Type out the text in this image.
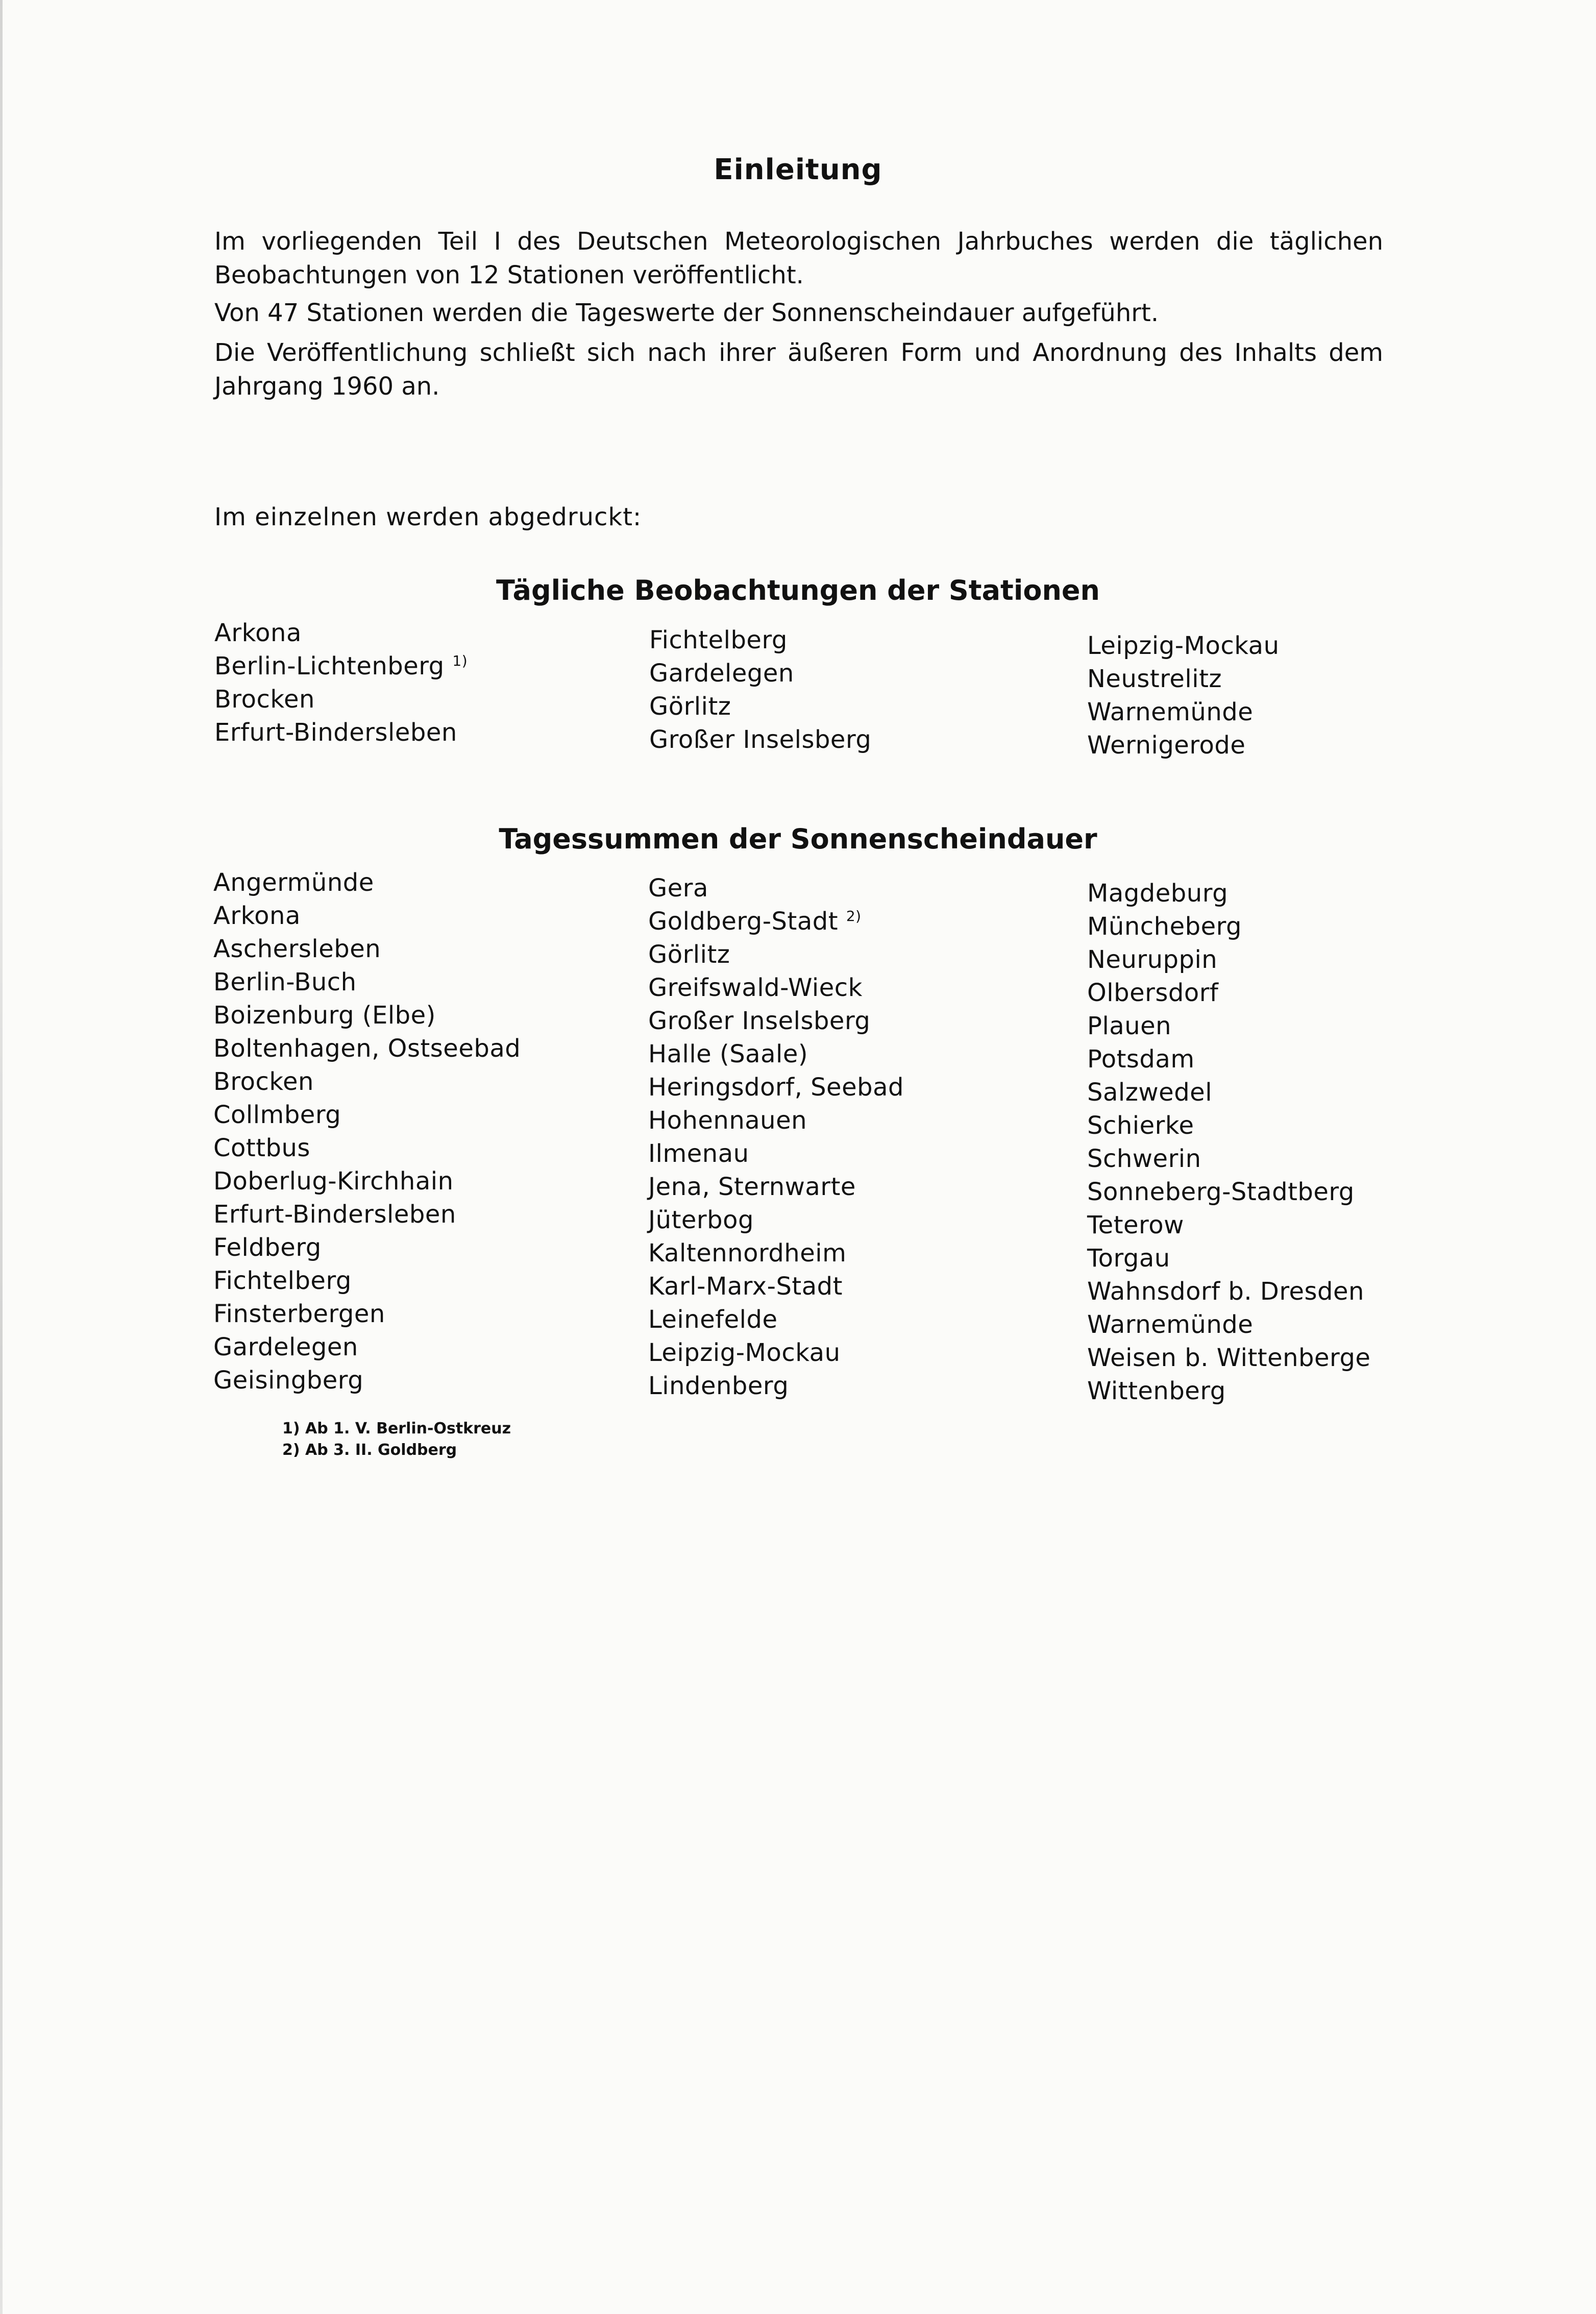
Einleitung
Im vorliegenden Teil I des Deutschen Meteorologischen Jahrbuches werden die täglichen Beobachtungen von 12 Stationen veröffentlicht.
Von 47 Stationen werden die Tageswerte der Sonnenscheindauer aufgeführt.
Die Veröffentlichung schließt sich nach ihrer äußeren Form und Anordnung des Inhalts dem Jahrgang 1960 an.
Im einzelnen werden abgedruckt:
Tägliche Beobachtungen der Stationen
Arkona
Berlin-Lichtenberg $^{1)}$
Brocken
Erfurt-Bindersleben
Fichtelberg
Gardelegen
Görlitz
Großer Inselsberg
Leipzig-Mockau
Neustrelitz
Warnemünde
Wernigerode
Tagessummen der Sonnenscheindauer
Angermünde
Arkona
Aschersleben
Berlin-Buch
Boizenburg (Elbe)
Boltenhagen, Ostseebad
Brocken
Collmberg
Cottbus
Doberlug-Kirchhain
Erfurt-Bindersleben
Feldberg
Fichtelberg
Finsterbergen
Gardelegen
Geisingberg
Gera
Goldberg-Stadt $^{2)}$
Görlitz
Greifswald-Wieck
Großer Inselsberg
Halle (Saale)
Heringsdorf, Seebad
Hohennauen
Ilmenau
Jena, Sternwarte
Jüterbog
Kaltennordheim
Karl-Marx-Stadt
Leinefelde
Leipzig-Mockau
Lindenberg
Magdeburg
Müncheberg
Neuruppin
Olbersdorf
Plauen
Potsdam
Salzwedel
Schierke
Schwerin
Sonneberg-Stadtberg
Teterow
Torgau
Wahnsdorf b. Dresden
Warnemünde
Weisen b. Wittenberge
Wittenberg
1) Ab 1. V. Berlin-Ostkreuz
2) Ab 3. II. Goldberg
